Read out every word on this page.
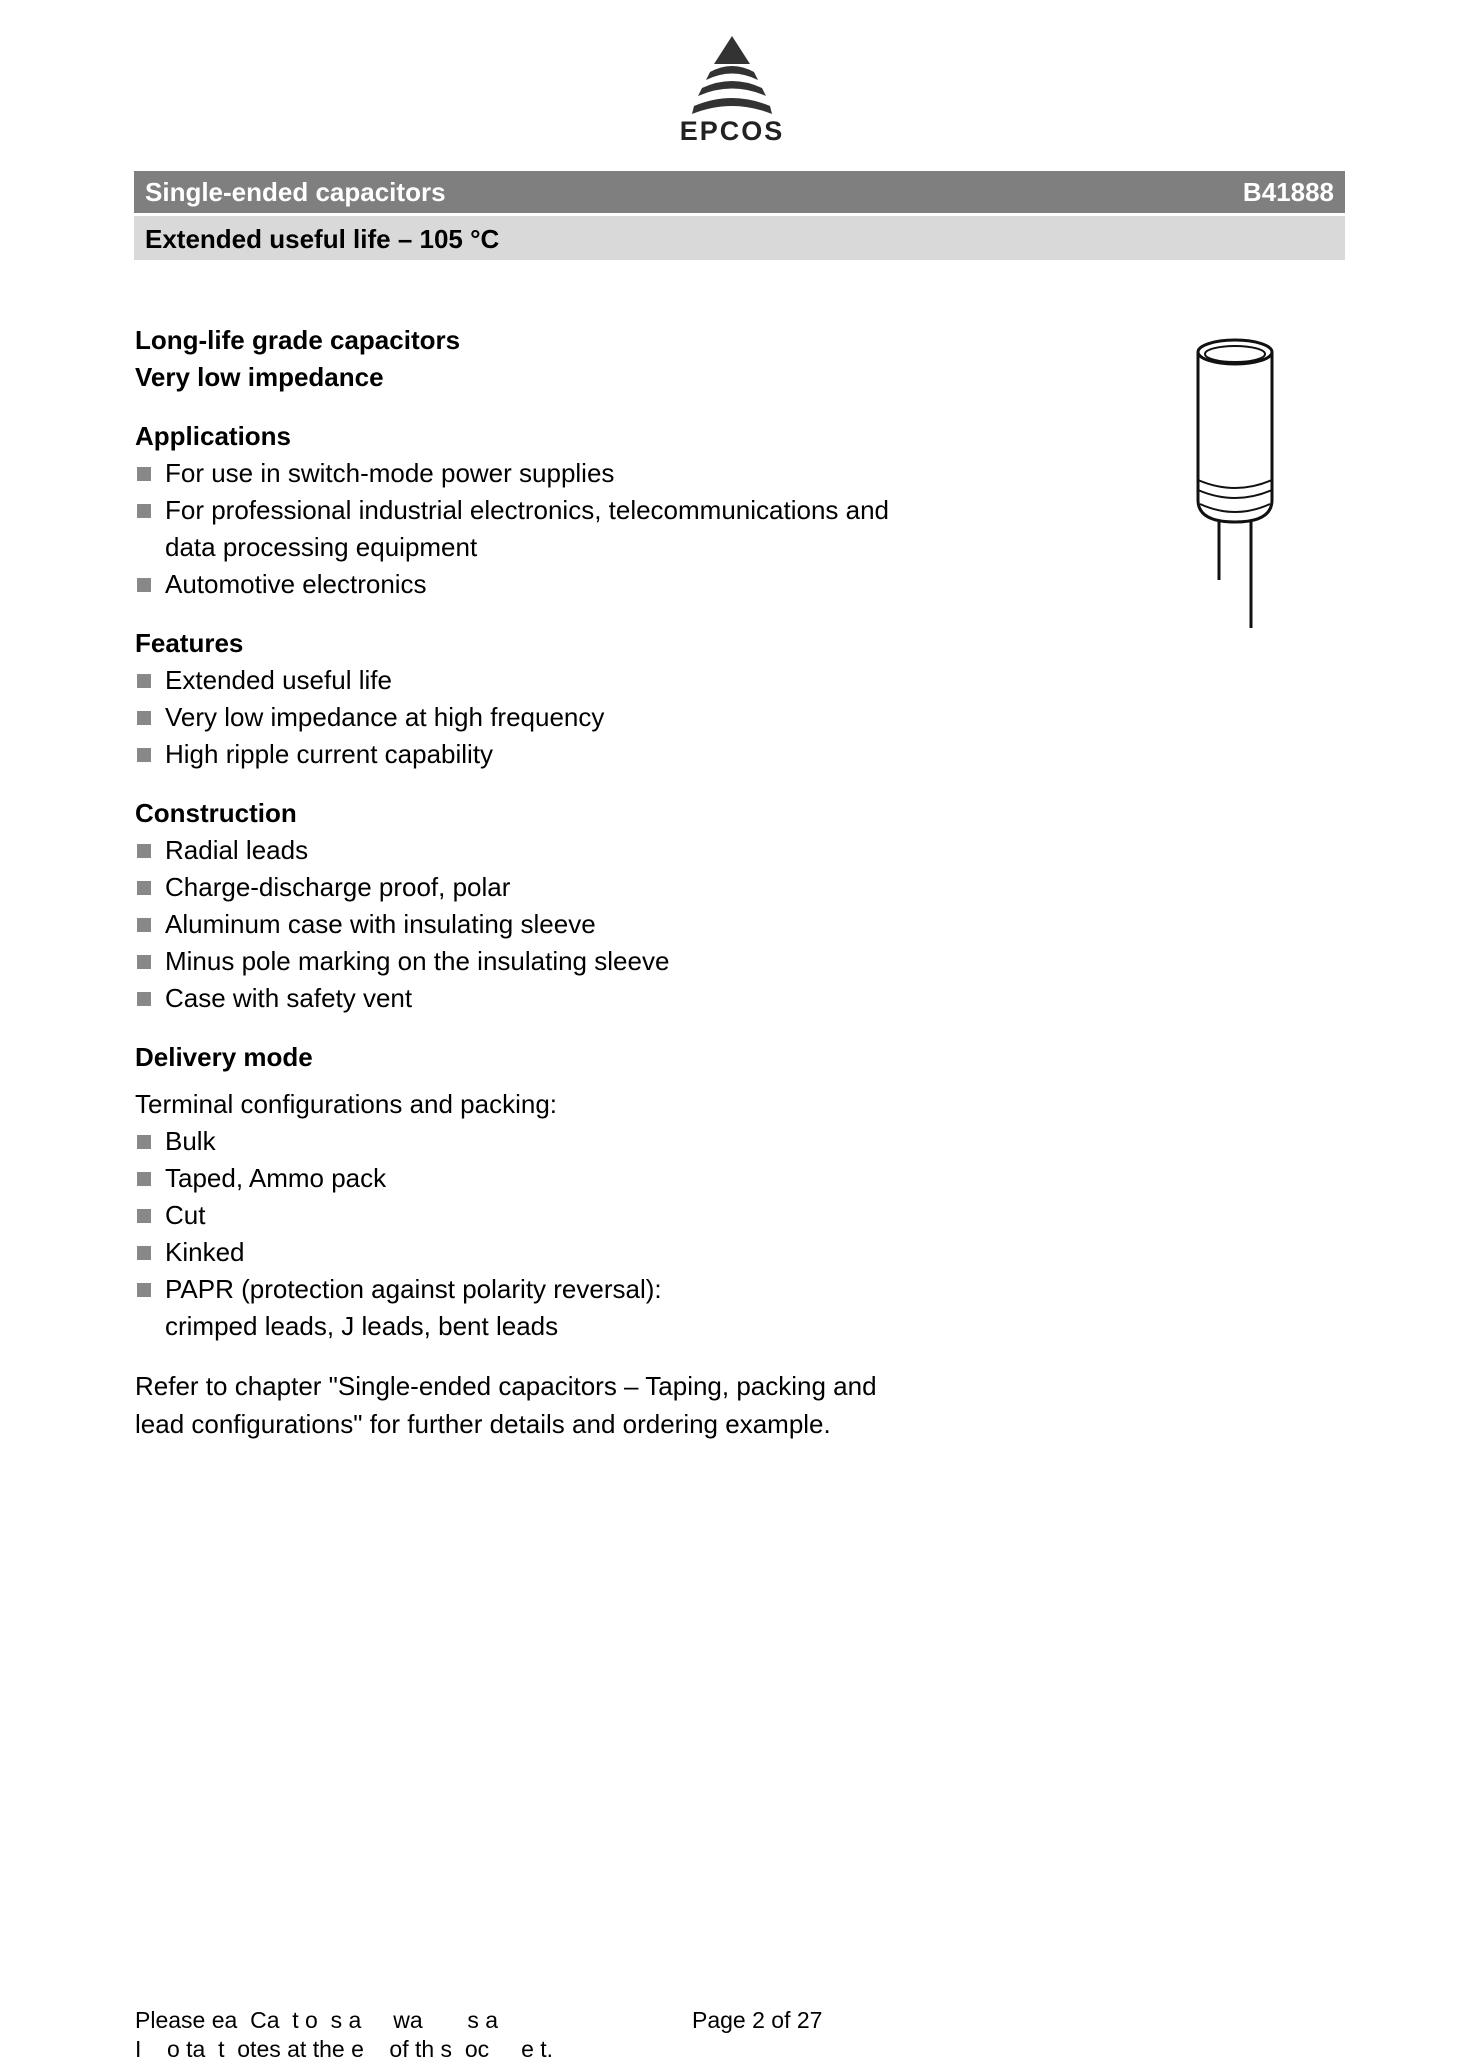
EPCOS
Single-ended capacitors	B41888
Extended useful life – 105 °C

Long-life grade capacitors

Very low impedance

Applications

For use in switch-mode power supplies
For professional industrial electronics, telecommunications and data processing equipment
Automotive electronics

Features

Extended useful life
Very low impedance at high frequency
High ripple current capability

Construction

Radial leads
Charge-discharge proof, polar
Aluminum case with insulating sleeve
Minus pole marking on the insulating sleeve
Case with safety vent

Delivery mode

Terminal configurations and packing:

Bulk
Taped, Ammo pack
Cut
Kinked
PAPR (protection against polarity reversal): crimped leads, J leads, bent leads

Refer to chapter "Single-ended capacitors – Taping, packing and lead configurations" for further details and ordering example.

Please ea  Ca  t o  s a     wa       s a
I    o ta  t  otes at the e    of th s  oc     e t.
Page 2 of 27
